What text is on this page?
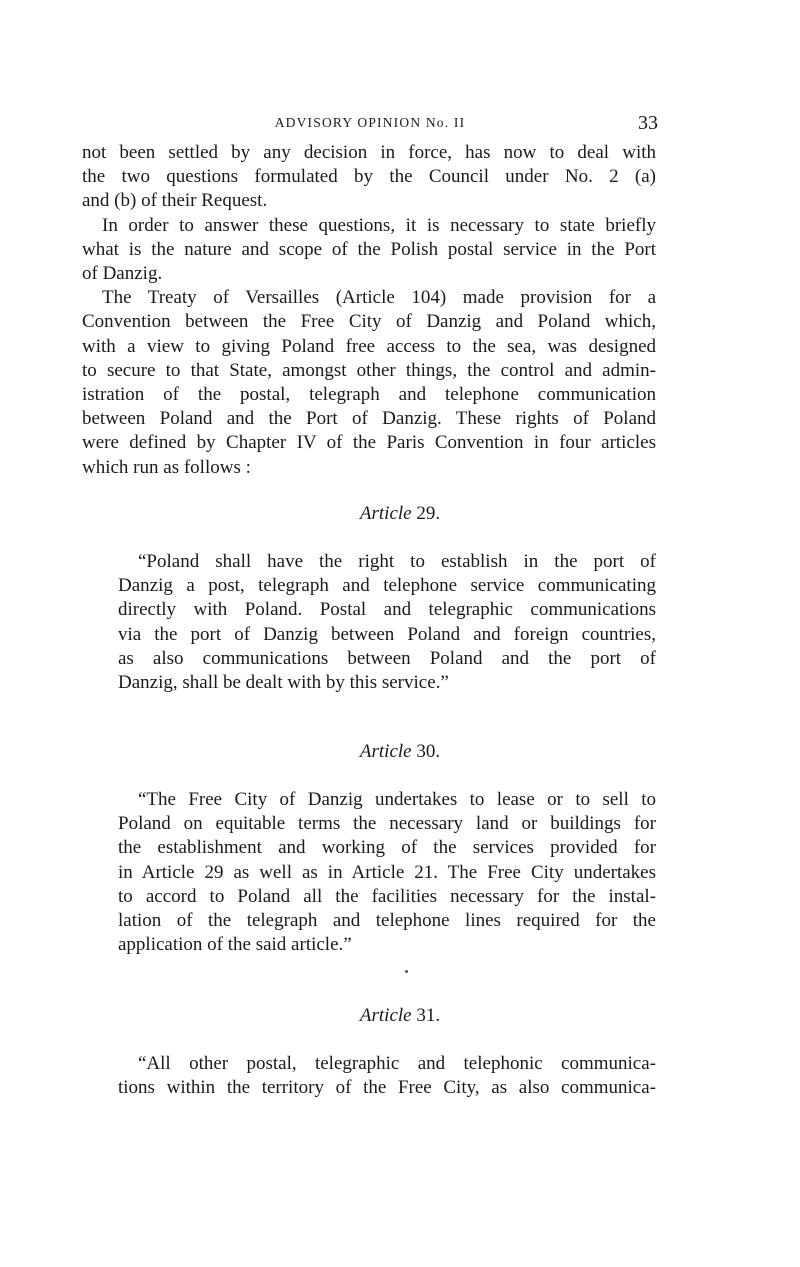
ADVISORY OPINION No. II	33
not been settled by any decision in force, has now to deal with
the two questions formulated by the Council under No. 2 (a)
and (b) of their Request.
In order to answer these questions, it is necessary to state briefly
what is the nature and scope of the Polish postal service in the Port
of Danzig.
The Treaty of Versailles (Article 104) made provision for a
Convention between the Free City of Danzig and Poland which,
with a view to giving Poland free access to the sea, was designed
to secure to that State, amongst other things, the control and admin-
istration of the postal, telegraph and telephone communication
between Poland and the Port of Danzig. These rights of Poland
were defined by Chapter IV of the Paris Convention in four articles
which run as follows :
Article 29.
“Poland shall have the right to establish in the port of
Danzig a post, telegraph and telephone service communicating
directly with Poland. Postal and telegraphic communications
via the port of Danzig between Poland and foreign countries,
as also communications between Poland and the port of
Danzig, shall be dealt with by this service.”
Article 30.
“The Free City of Danzig undertakes to lease or to sell to
Poland on equitable terms the necessary land or buildings for
the establishment and working of the services provided for
in Article 29 as well as in Article 21. The Free City undertakes
to accord to Poland all the facilities necessary for the instal-
lation of the telegraph and telephone lines required for the
application of the said article.”
Article 31.
“All other postal, telegraphic and telephonic communica-
tions within the territory of the Free City, as also communica-
